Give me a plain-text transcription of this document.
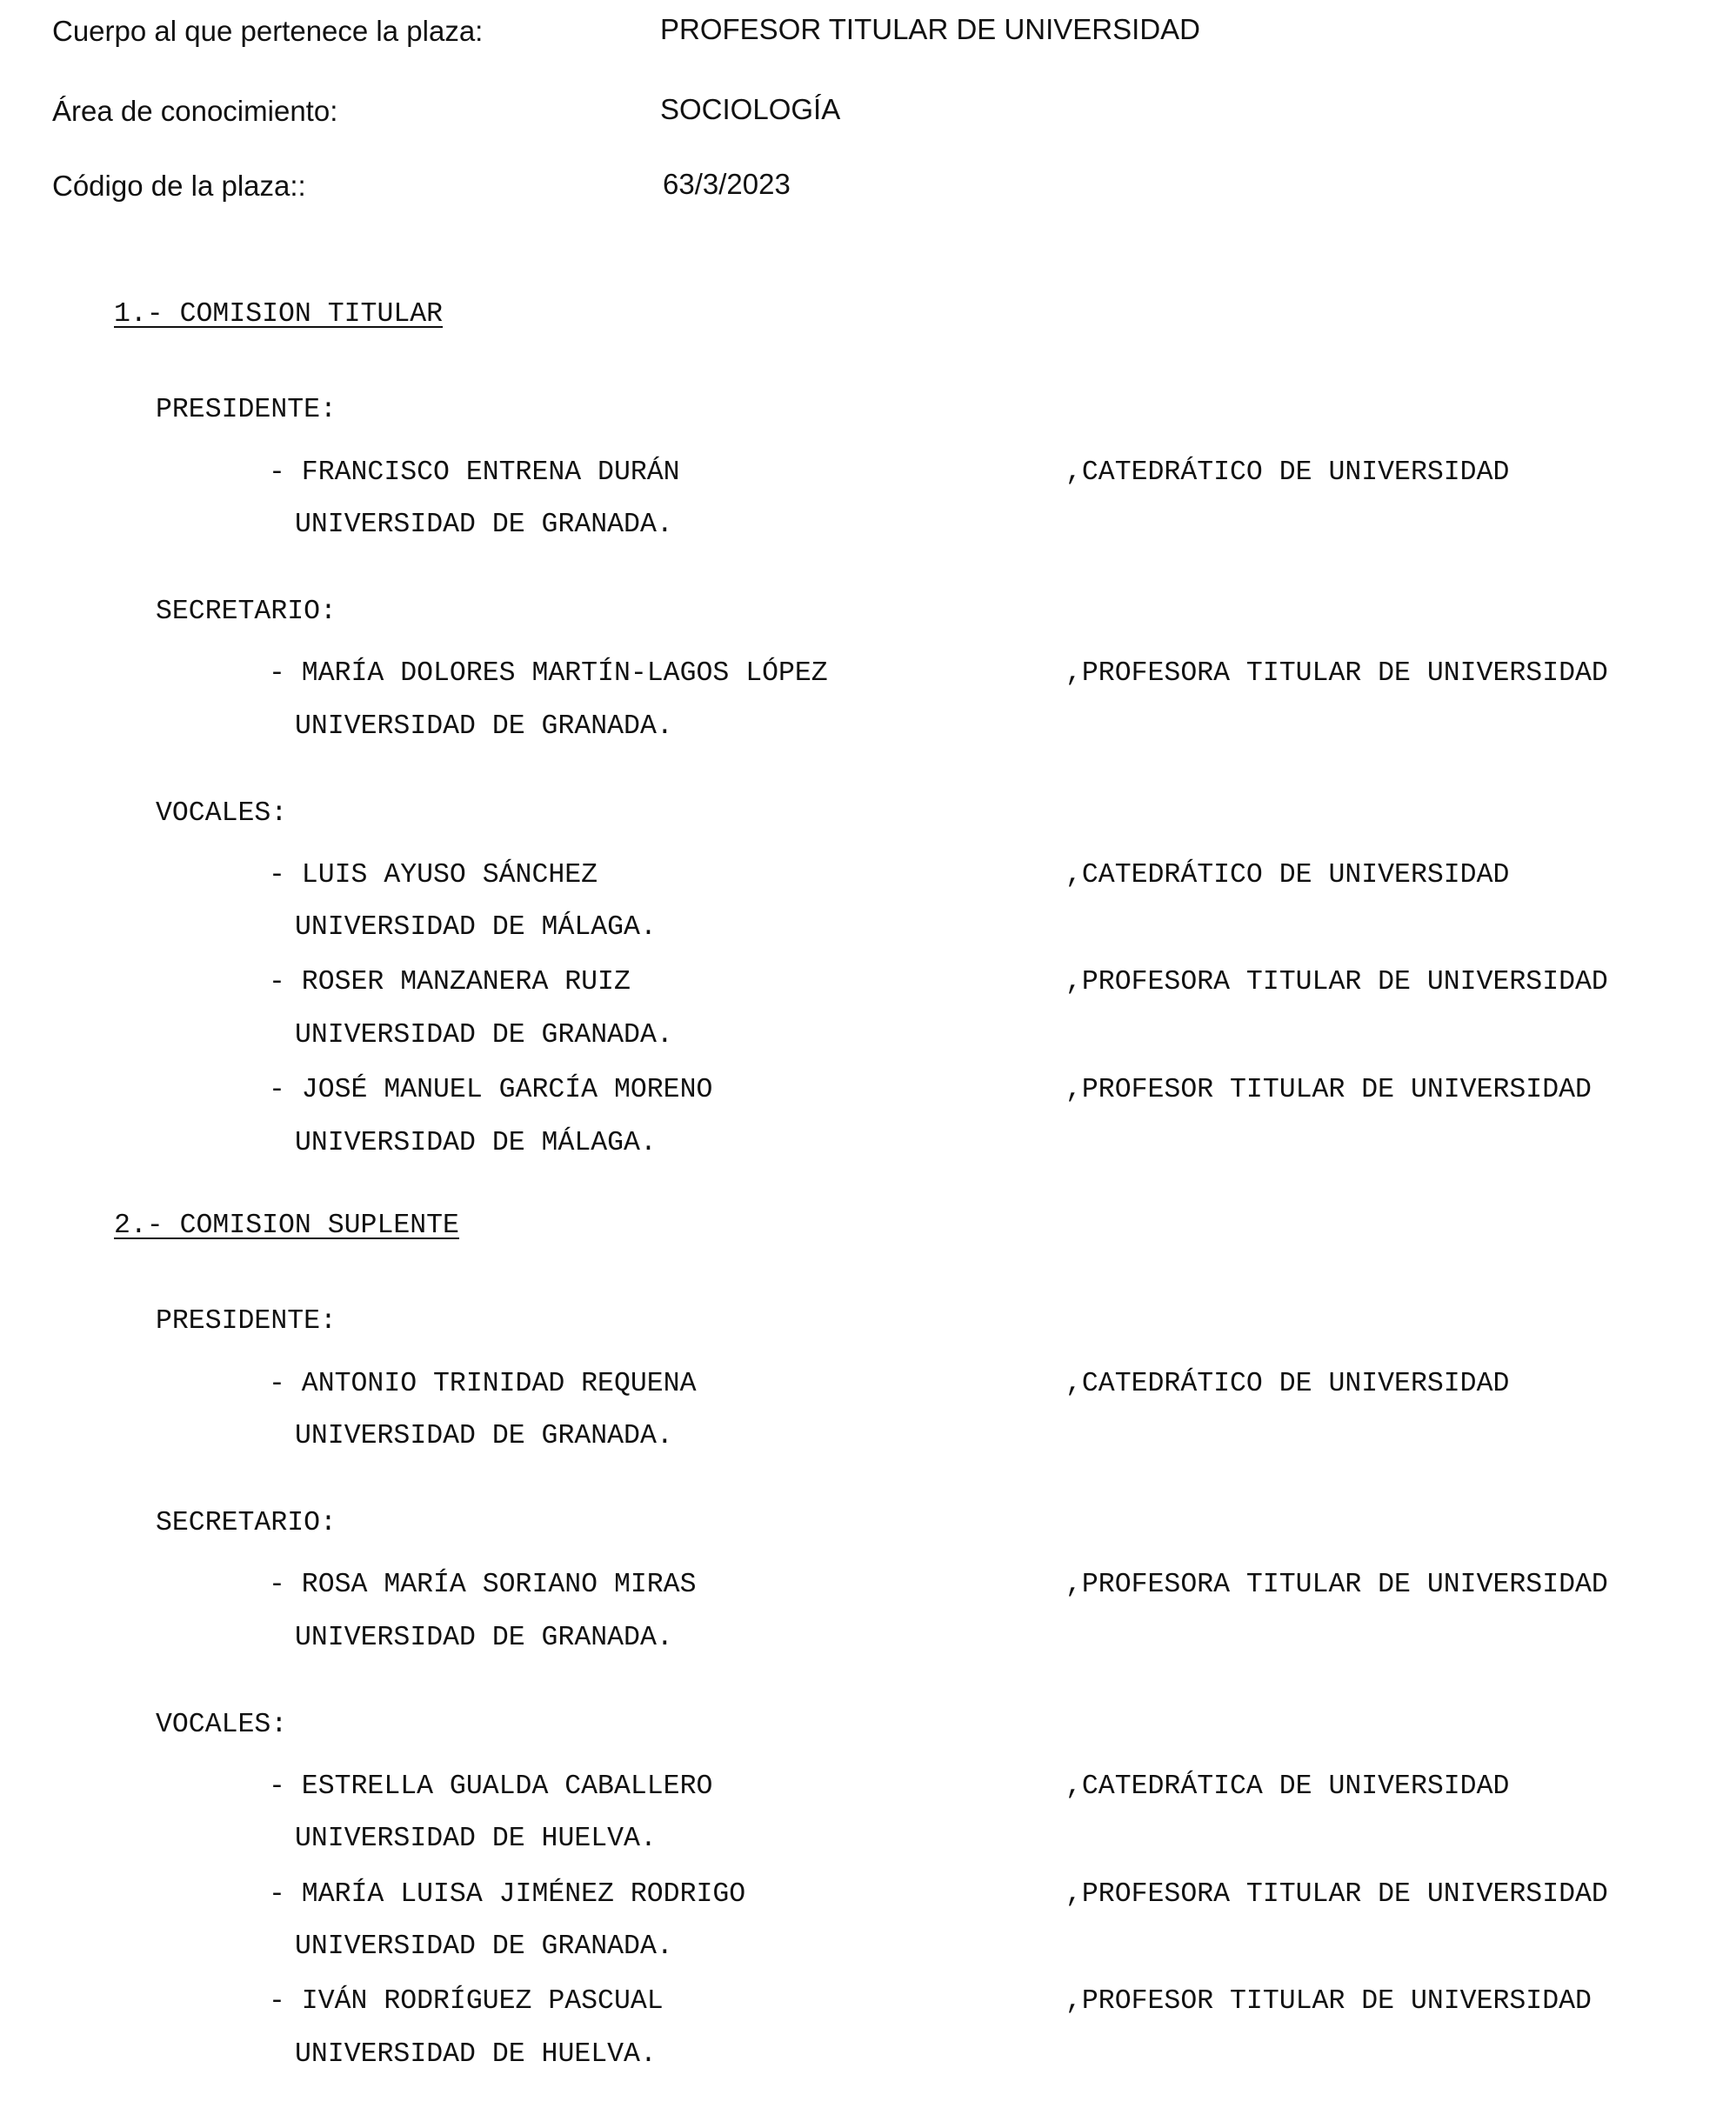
Cuerpo al que pertenece la plaza:	PROFESOR TITULAR DE UNIVERSIDAD
Área de conocimiento:	SOCIOLOGÍA
Código de la plaza::	63/3/2023
1.- COMISION TITULAR
PRESIDENTE:
- FRANCISCO ENTRENA DURÁN	,CATEDRÁTICO DE UNIVERSIDAD
UNIVERSIDAD DE GRANADA.
SECRETARIO:
- MARÍA DOLORES MARTÍN-LAGOS LÓPEZ	,PROFESORA TITULAR DE UNIVERSIDAD
UNIVERSIDAD DE GRANADA.
VOCALES:
- LUIS AYUSO SÁNCHEZ	,CATEDRÁTICO DE UNIVERSIDAD
UNIVERSIDAD DE MÁLAGA.
- ROSER MANZANERA RUIZ	,PROFESORA TITULAR DE UNIVERSIDAD
UNIVERSIDAD DE GRANADA.
- JOSÉ MANUEL GARCÍA MORENO	,PROFESOR TITULAR DE UNIVERSIDAD
UNIVERSIDAD DE MÁLAGA.
2.- COMISION SUPLENTE
PRESIDENTE:
- ANTONIO TRINIDAD REQUENA	,CATEDRÁTICO DE UNIVERSIDAD
UNIVERSIDAD DE GRANADA.
SECRETARIO:
- ROSA MARÍA SORIANO MIRAS	,PROFESORA TITULAR DE UNIVERSIDAD
UNIVERSIDAD DE GRANADA.
VOCALES:
- ESTRELLA GUALDA CABALLERO	,CATEDRÁTICA DE UNIVERSIDAD
UNIVERSIDAD DE HUELVA.
- MARÍA LUISA JIMÉNEZ RODRIGO	,PROFESORA TITULAR DE UNIVERSIDAD
UNIVERSIDAD DE GRANADA.
- IVÁN RODRÍGUEZ PASCUAL	,PROFESOR TITULAR DE UNIVERSIDAD
UNIVERSIDAD DE HUELVA.
